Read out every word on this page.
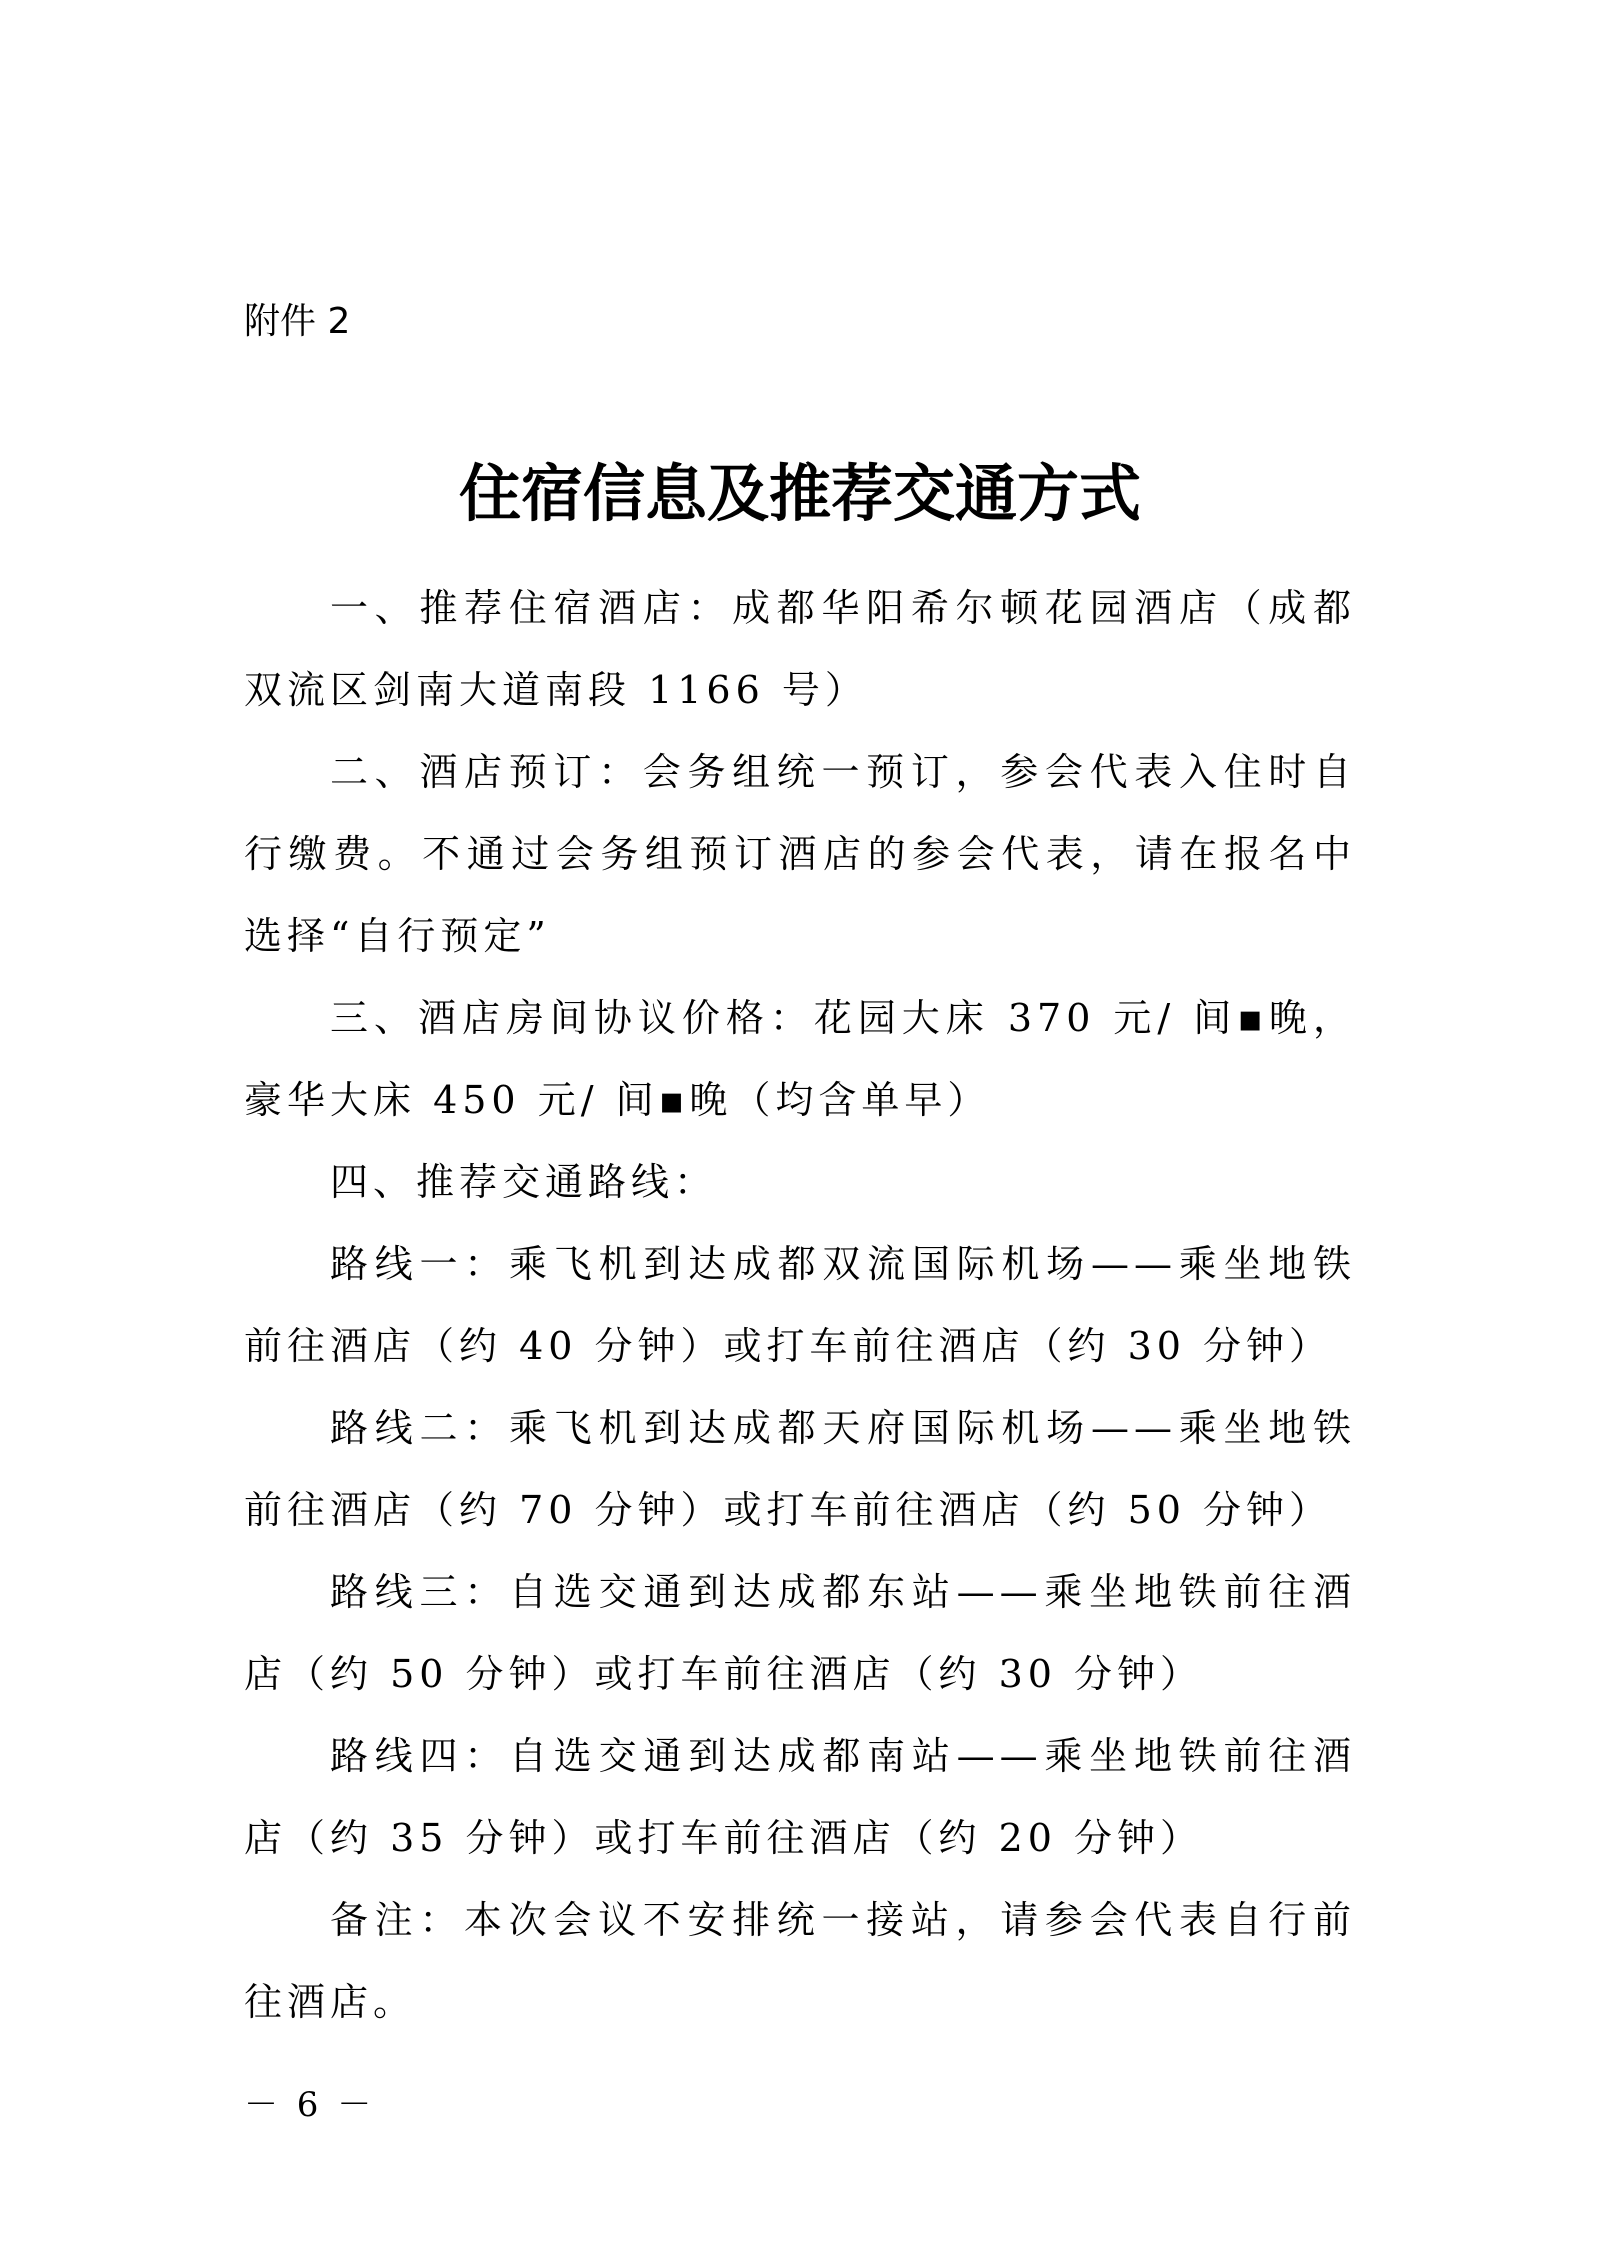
附件 2

住宿信息及推荐交通方式

一、推荐住宿酒店：成都华阳希尔顿花园酒店（成都双流区剑南大道南段 1166 号）

二、酒店预订：会务组统一预订，参会代表入住时自行缴费。不通过会务组预订酒店的参会代表，请在报名中选择“自行预定”

三、酒店房间协议价格：花园大床 370 元/ 间▪晚，豪华大床 450 元/ 间▪晚（均含单早）

四、推荐交通路线：

路线一：乘飞机到达成都双流国际机场——乘坐地铁前往酒店（约 40 分钟）或打车前往酒店（约 30 分钟）

路线二：乘飞机到达成都天府国际机场——乘坐地铁前往酒店（约 70 分钟）或打车前往酒店（约 50 分钟）

路线三：自选交通到达成都东站——乘坐地铁前往酒店（约 50 分钟）或打车前往酒店（约 30 分钟）

路线四：自选交通到达成都南站——乘坐地铁前往酒店（约 35 分钟）或打车前往酒店（约 20 分钟）

备注：本次会议不安排统一接站，请参会代表自行前往酒店。

－ 6 －
